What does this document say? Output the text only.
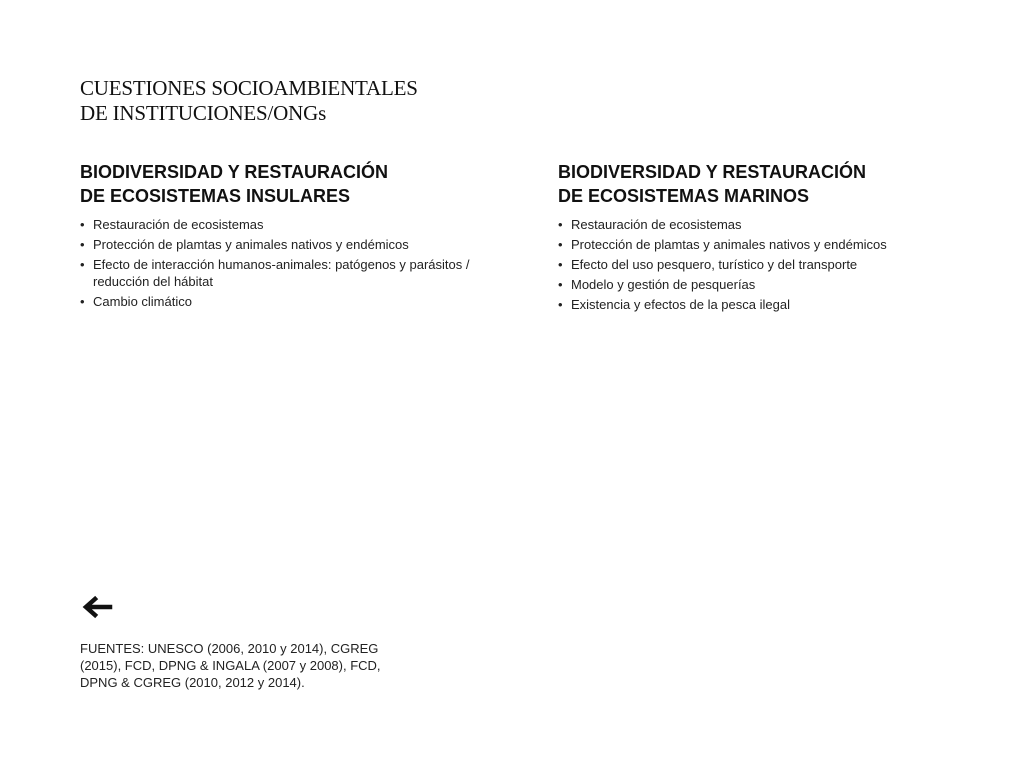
CUESTIONES SOCIOAMBIENTALES
DE INSTITUCIONES/ONGs
BIODIVERSIDAD Y RESTAURACIÓN
DE ECOSISTEMAS INSULARES
• Restauración de ecosistemas
• Protección de plamtas y animales nativos y endémicos
• Efecto de interacción humanos-animales: patógenos y parásitos / reducción del hábitat
• Cambio climático
BIODIVERSIDAD Y RESTAURACIÓN
DE ECOSISTEMAS MARINOS
• Restauración de ecosistemas
• Protección de plamtas y animales nativos y endémicos
• Efecto del uso pesquero, turístico y del transporte
• Modelo y gestión de pesquerías
• Existencia y efectos de la pesca ilegal

FUENTES: UNESCO (2006, 2010 y 2014), CGREG (2015), FCD, DPNG & INGALA (2007 y 2008), FCD, DPNG & CGREG (2010, 2012 y 2014).
